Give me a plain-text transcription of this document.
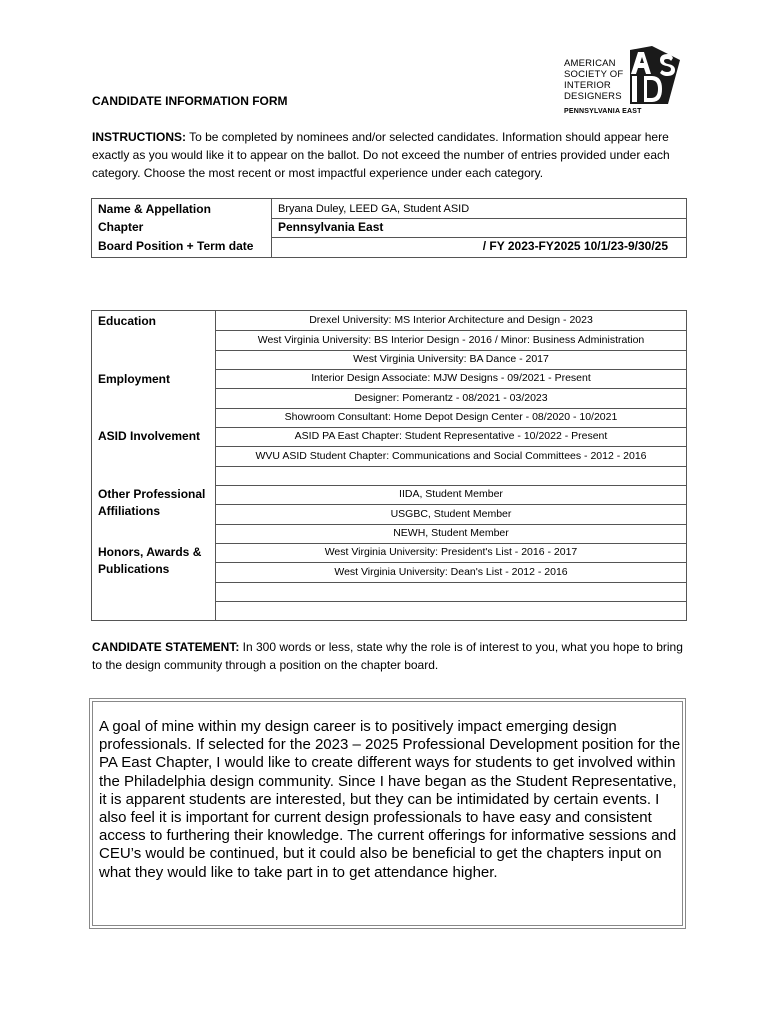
AMERICAN
SOCIETY OF
INTERIOR
DESIGNERS
PENNSYLVANIA EAST
CANDIDATE INFORMATION FORM
INSTRUCTIONS: To be completed by nominees and/or selected candidates. Information should appear here exactly as you would like it to appear on the ballot. Do not exceed the number of entries provided under each category. Choose the most recent or most impactful experience under each category.
Name & Appellation
Chapter
Board Position + Term date
Bryana Duley, LEED GA, Student ASID
Pennsylvania East
/ FY 2023-FY2025 10/1/23-9/30/25
Education
Employment
ASID Involvement
Other Professional
Affiliations
Honors, Awards &
Publications
Drexel University: MS Interior Architecture and Design - 2023
West Virginia University: BS Interior Design - 2016 / Minor: Business Administration
West Virginia University: BA Dance - 2017
Interior Design Associate: MJW Designs - 09/2021 - Present
Designer: Pomerantz - 08/2021 - 03/2023
Showroom Consultant: Home Depot Design Center - 08/2020 - 10/2021
ASID PA East Chapter: Student Representative - 10/2022 - Present
WVU ASID Student Chapter: Communications and Social Committees - 2012 - 2016
IIDA, Student Member
USGBC, Student Member
NEWH, Student Member
West Virginia University: President's List - 2016 - 2017
West Virginia University: Dean's List - 2012 - 2016
CANDIDATE STATEMENT: In 300 words or less, state why the role is of interest to you, what you hope to bring to the design community through a position on the chapter board.
A goal of mine within my design career is to positively impact emerging design professionals. If selected for the 2023 – 2025 Professional Development position for the PA East Chapter, I would like to create different ways for students to get involved within the Philadelphia design community. Since I have began as the Student Representative, it is apparent students are interested, but they can be intimidated by certain events. I also feel it is important for current design professionals to have easy and consistent access to furthering their knowledge. The current offerings for informative sessions and CEU’s would be continued, but it could also be beneficial to get the chapters input on what they would like to take part in to get attendance higher.
